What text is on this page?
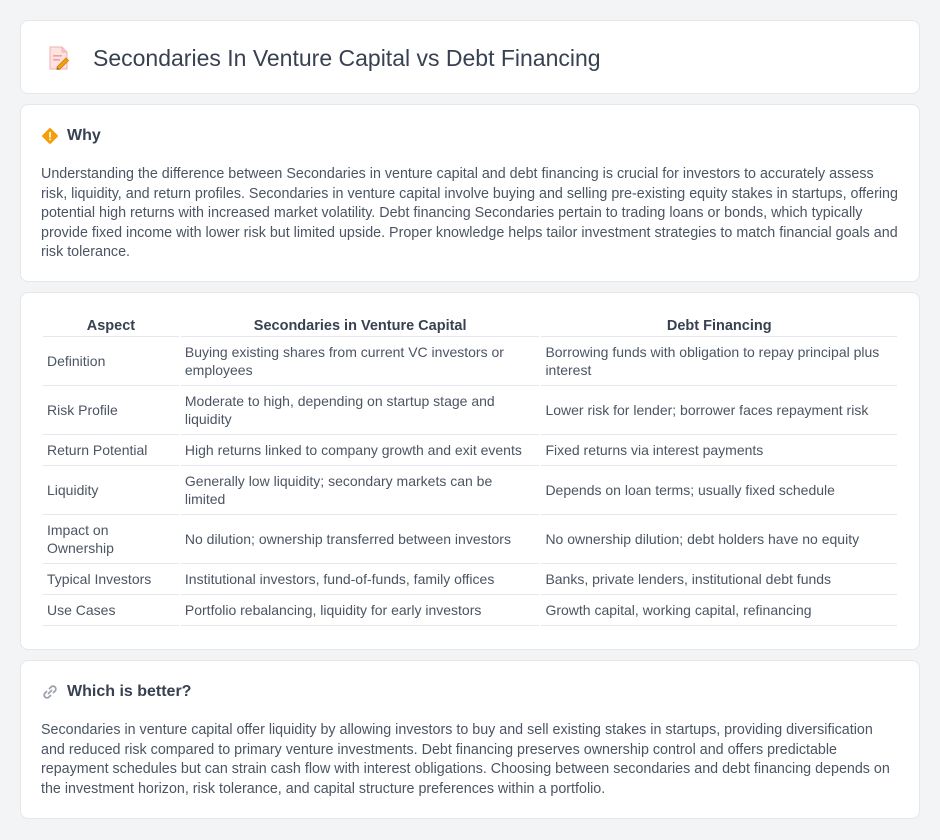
Secondaries In Venture Capital vs Debt Financing
Why

Understanding the difference between Secondaries in venture capital and debt financing is crucial for investors to accurately assess risk, liquidity, and return profiles. Secondaries in venture capital involve buying and selling pre-existing equity stakes in startups, offering potential high returns with increased market volatility. Debt financing Secondaries pertain to trading loans or bonds, which typically provide fixed income with lower risk but limited upside. Proper knowledge helps tailor investment strategies to match financial goals and risk tolerance.

Aspect	Secondaries in Venture Capital	Debt Financing
Definition	Buying existing shares from current VC investors or employees	Borrowing funds with obligation to repay principal plus interest
Risk Profile	Moderate to high, depending on startup stage and liquidity	Lower risk for lender; borrower faces repayment risk
Return Potential	High returns linked to company growth and exit events	Fixed returns via interest payments
Liquidity	Generally low liquidity; secondary markets can be limited	Depends on loan terms; usually fixed schedule
Impact on Ownership	No dilution; ownership transferred between investors	No ownership dilution; debt holders have no equity
Typical Investors	Institutional investors, fund-of-funds, family offices	Banks, private lenders, institutional debt funds
Use Cases	Portfolio rebalancing, liquidity for early investors	Growth capital, working capital, refinancing
Which is better?

Secondaries in venture capital offer liquidity by allowing investors to buy and sell existing stakes in startups, providing diversification and reduced risk compared to primary venture investments. Debt financing preserves ownership control and offers predictable repayment schedules but can strain cash flow with interest obligations. Choosing between secondaries and debt financing depends on the investment horizon, risk tolerance, and capital structure preferences within a portfolio.
